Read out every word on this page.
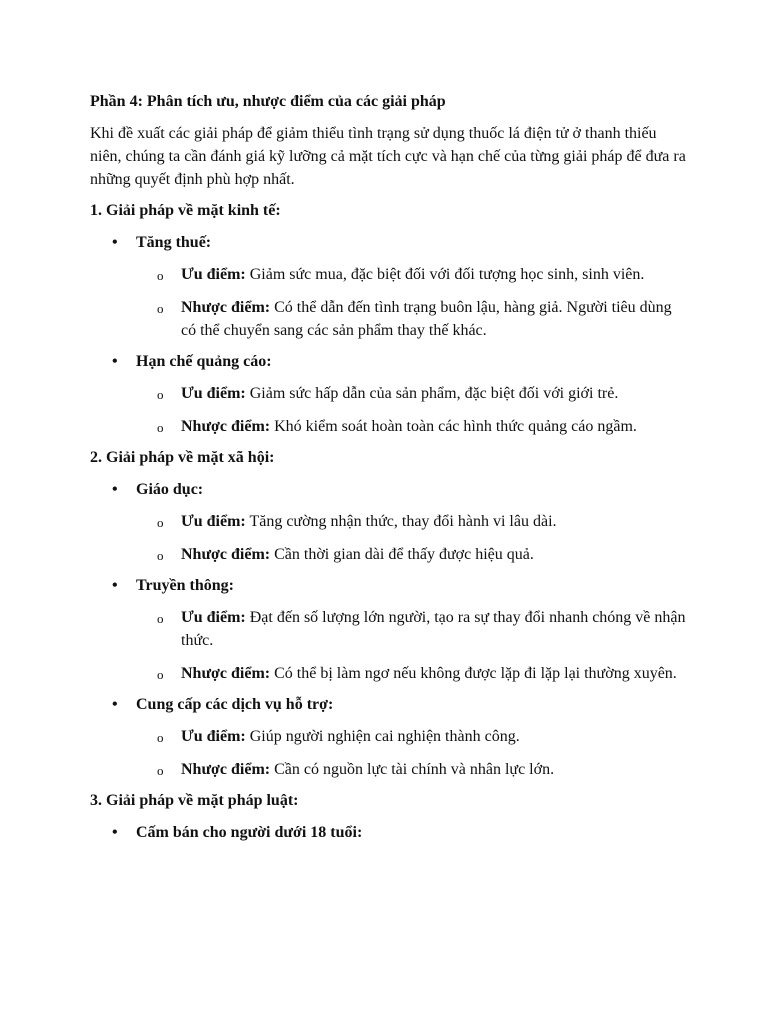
Phần 4: Phân tích ưu, nhược điểm của các giải pháp

Khi đề xuất các giải pháp để giảm thiểu tình trạng sử dụng thuốc lá điện tử ở thanh thiếu niên, chúng ta cần đánh giá kỹ lưỡng cả mặt tích cực và hạn chế của từng giải pháp để đưa ra những quyết định phù hợp nhất.

1. Giải pháp về mặt kinh tế:

• Tăng thuế:
o Ưu điểm: Giảm sức mua, đặc biệt đối với đối tượng học sinh, sinh viên.
o Nhược điểm: Có thể dẫn đến tình trạng buôn lậu, hàng giả. Người tiêu dùng có thể chuyển sang các sản phẩm thay thế khác.
• Hạn chế quảng cáo:
o Ưu điểm: Giảm sức hấp dẫn của sản phẩm, đặc biệt đối với giới trẻ.
o Nhược điểm: Khó kiểm soát hoàn toàn các hình thức quảng cáo ngầm.

2. Giải pháp về mặt xã hội:

• Giáo dục:
o Ưu điểm: Tăng cường nhận thức, thay đổi hành vi lâu dài.
o Nhược điểm: Cần thời gian dài để thấy được hiệu quả.
• Truyền thông:
o Ưu điểm: Đạt đến số lượng lớn người, tạo ra sự thay đổi nhanh chóng về nhận thức.
o Nhược điểm: Có thể bị làm ngơ nếu không được lặp đi lặp lại thường xuyên.
• Cung cấp các dịch vụ hỗ trợ:
o Ưu điểm: Giúp người nghiện cai nghiện thành công.
o Nhược điểm: Cần có nguồn lực tài chính và nhân lực lớn.

3. Giải pháp về mặt pháp luật:

• Cấm bán cho người dưới 18 tuổi:
